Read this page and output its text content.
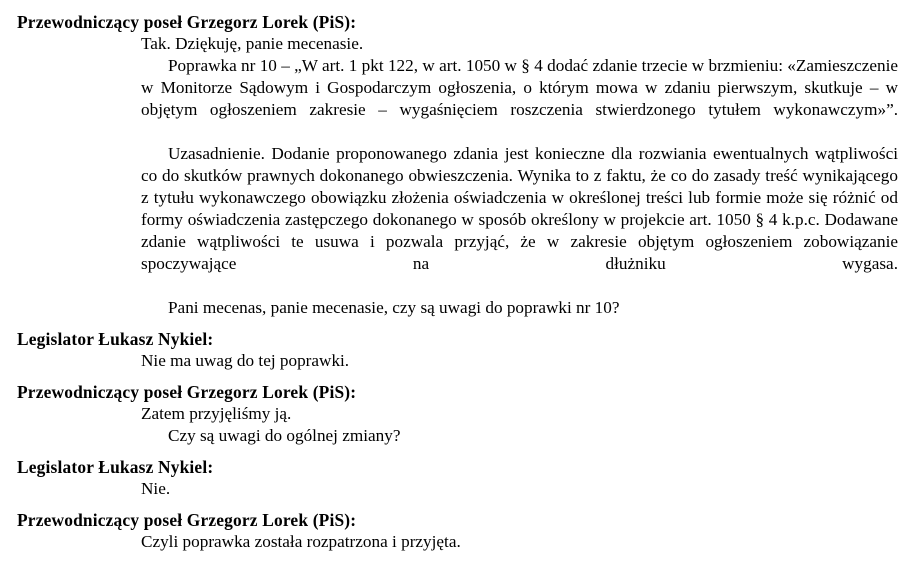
Przewodniczący poseł Grzegorz Lorek (PiS):
Tak. Dziękuję, panie mecenasie.
Poprawka nr 10 – „W art. 1 pkt 122, w art. 1050 w § 4 dodać zdanie trzecie w brzmieniu: «Zamieszczenie w Monitorze Sądowym i Gospodarczym ogłoszenia, o którym mowa w zdaniu pierwszym, skutkuje – w objętym ogłoszeniem zakresie – wygaśnięciem roszczenia stwierdzonego tytułem wykonawczym»”.
Uzasadnienie. Dodanie proponowanego zdania jest konieczne dla rozwiania ewentualnych wątpliwości co do skutków prawnych dokonanego obwieszczenia. Wynika to z faktu, że co do zasady treść wynikającego z tytułu wykonawczego obowiązku złożenia oświadczenia w określonej treści lub formie może się różnić od formy oświadczenia zastępczego dokonanego w sposób określony w projekcie art. 1050 § 4 k.p.c. Dodawane zdanie wątpliwości te usuwa i pozwala przyjąć, że w zakresie objętym ogłoszeniem zobowiązanie spoczywające na dłużniku wygasa.
Pani mecenas, panie mecenasie, czy są uwagi do poprawki nr 10?
Legislator Łukasz Nykiel:
Nie ma uwag do tej poprawki.
Przewodniczący poseł Grzegorz Lorek (PiS):
Zatem przyjęliśmy ją.
Czy są uwagi do ogólnej zmiany?
Legislator Łukasz Nykiel:
Nie.
Przewodniczący poseł Grzegorz Lorek (PiS):
Czyli poprawka została rozpatrzona i przyjęta.
